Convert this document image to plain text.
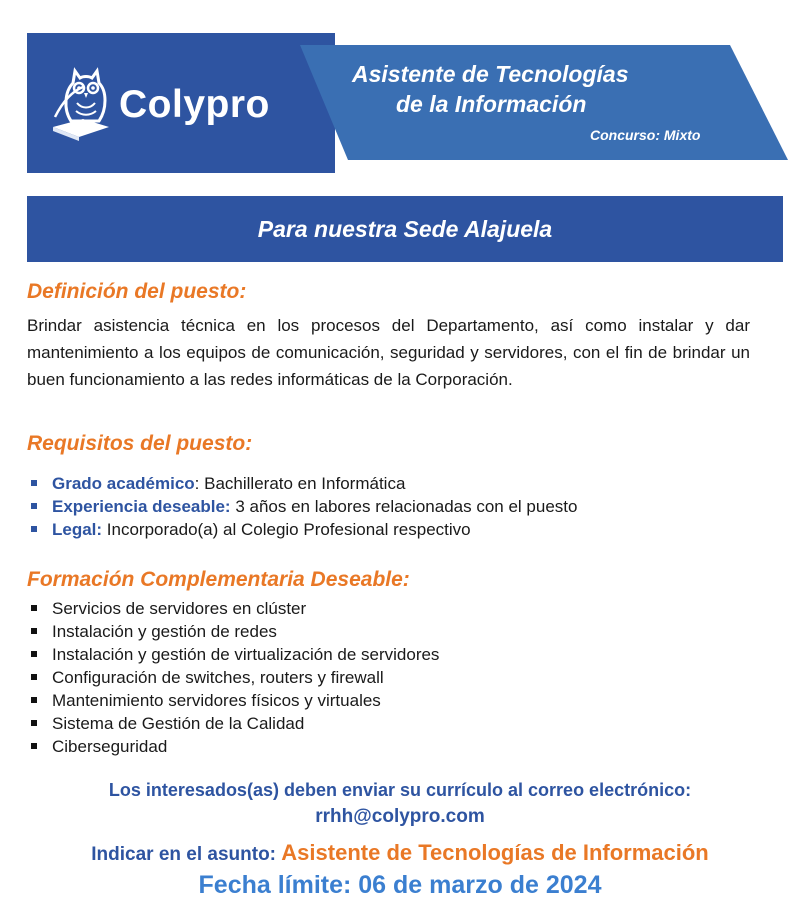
Colypro
Asistente de Tecnologías
de la Información
Concurso: Mixto
Para nuestra Sede Alajuela
Definición del puesto:
Brindar asistencia técnica en los procesos del Departamento, así como instalar y dar mantenimiento a los equipos de comunicación, seguridad y servidores, con el fin de brindar un buen funcionamiento a las redes informáticas de la Corporación.
Requisitos del puesto:
Grado académico: Bachillerato en Informática
Experiencia deseable: 3 años en labores relacionadas con el puesto
Legal: Incorporado(a) al Colegio Profesional respectivo
Formación Complementaria Deseable:
Servicios de servidores en clúster
Instalación y gestión de redes
Instalación y gestión de virtualización de servidores
Configuración de switches, routers y firewall
Mantenimiento servidores físicos y virtuales
Sistema de Gestión de la Calidad
Ciberseguridad
Los interesados(as) deben enviar su currículo al correo electrónico:
rrhh@colypro.com
Indicar en el asunto: Asistente de Tecnologías de Información
Fecha límite: 06 de marzo de 2024
